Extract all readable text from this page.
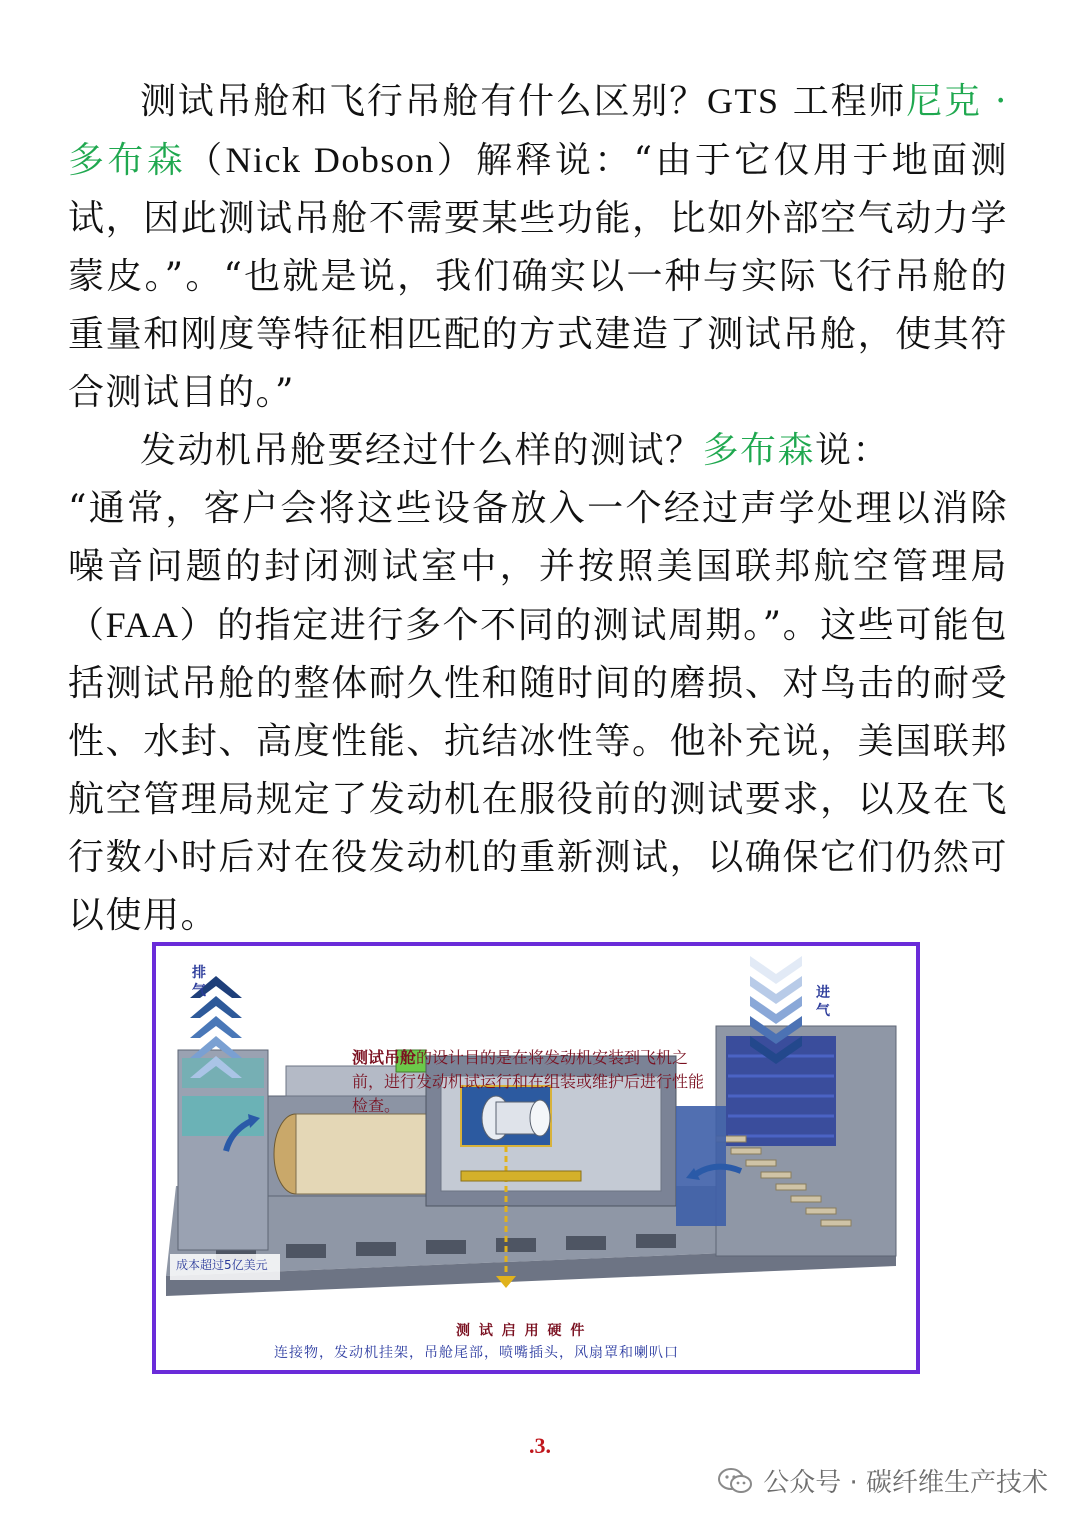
测试吊舱和飞行吊舱有什么区别？GTS 工程师尼克 · 多布森（Nick Dobson）解释说：“由于它仅用于地面测试，因此测试吊舱不需要某些功能，比如外部空气动力学蒙皮。”。“也就是说，我们确实以一种与实际飞行吊舱的重量和刚度等特征相匹配的方式建造了测试吊舱，使其符合测试目的。”

发动机吊舱要经过什么样的测试？多布森说：

“通常，客户会将这些设备放入一个经过声学处理以消除噪音问题的封闭测试室中，并按照美国联邦航空管理局（FAA）的指定进行多个不同的测试周期。”。这些可能包括测试吊舱的整体耐久性和随时间的磨损、对鸟击的耐受性、水封、高度性能、抗结冰性等。他补充说，美国联邦航空管理局规定了发动机在服役前的测试要求，以及在飞行数小时后对在役发动机的重新测试，以确保它们仍然可以使用。

排气	进气
测试吊舱的设计目的是在将发动机安装到飞机之前，进行发动机试运行和在组装或维护后进行性能检查。
成本超过5亿美元
测 试 启 用 硬 件
连接物，发动机挂架，吊舱尾部，喷嘴插头，风扇罩和喇叭口
.3.
公众号 · 碳纤维生产技术
